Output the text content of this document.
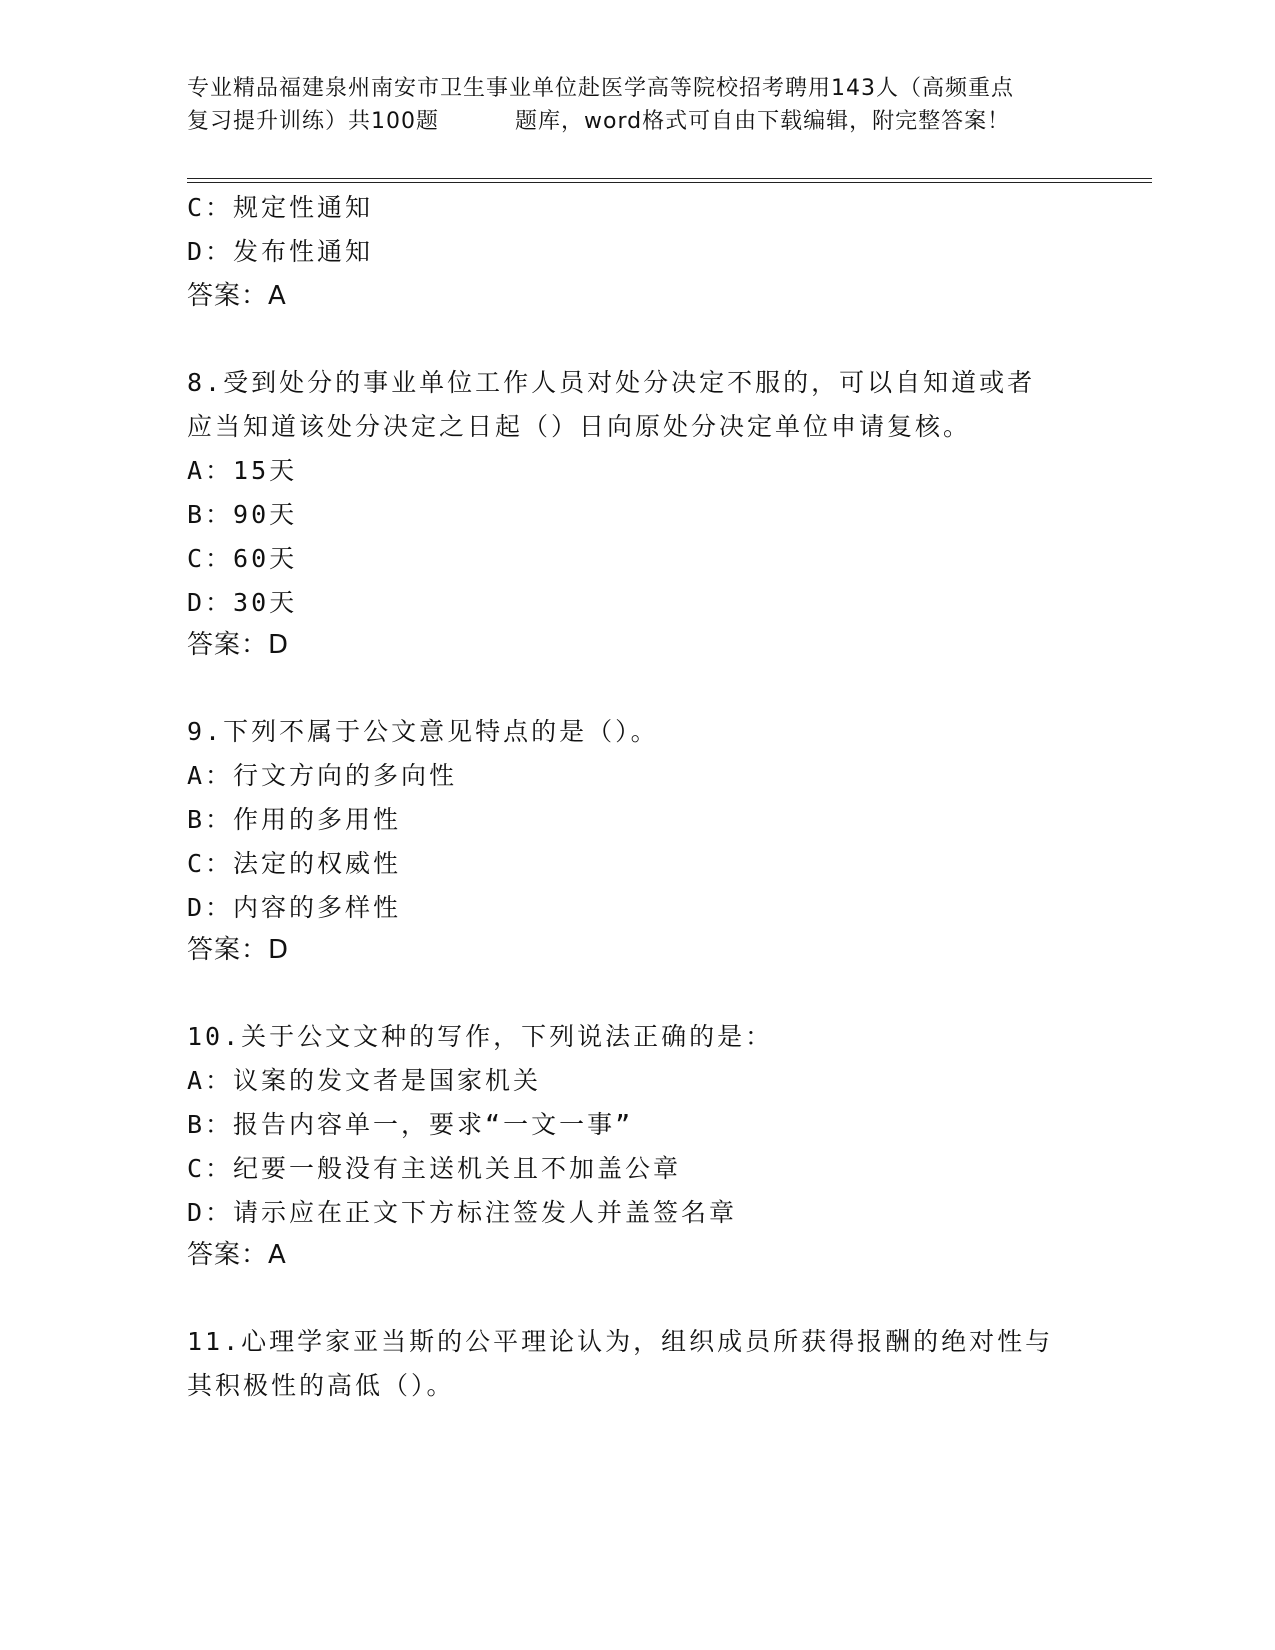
专业精品福建泉州南安市卫生事业单位赴医学高等院校招考聘用143人（高频重点
复习提升训练）共100题	题库，word格式可自由下载编辑，附完整答案！
C：规定性通知
D：发布性通知
答案：A
8.受到处分的事业单位工作人员对处分决定不服的，可以自知道或者
应当知道该处分决定之日起（）日向原处分决定单位申请复核。
A：15天
B：90天
C：60天
D：30天
答案：D
9.下列不属于公文意见特点的是（）。
A：行文方向的多向性
B：作用的多用性
C：法定的权威性
D：内容的多样性
答案：D
10.关于公文文种的写作，下列说法正确的是：
A：议案的发文者是国家机关
B：报告内容单一，要求“一文一事”
C：纪要一般没有主送机关且不加盖公章
D：请示应在正文下方标注签发人并盖签名章
答案：A
11.心理学家亚当斯的公平理论认为，组织成员所获得报酬的绝对性与
其积极性的高低（）。
